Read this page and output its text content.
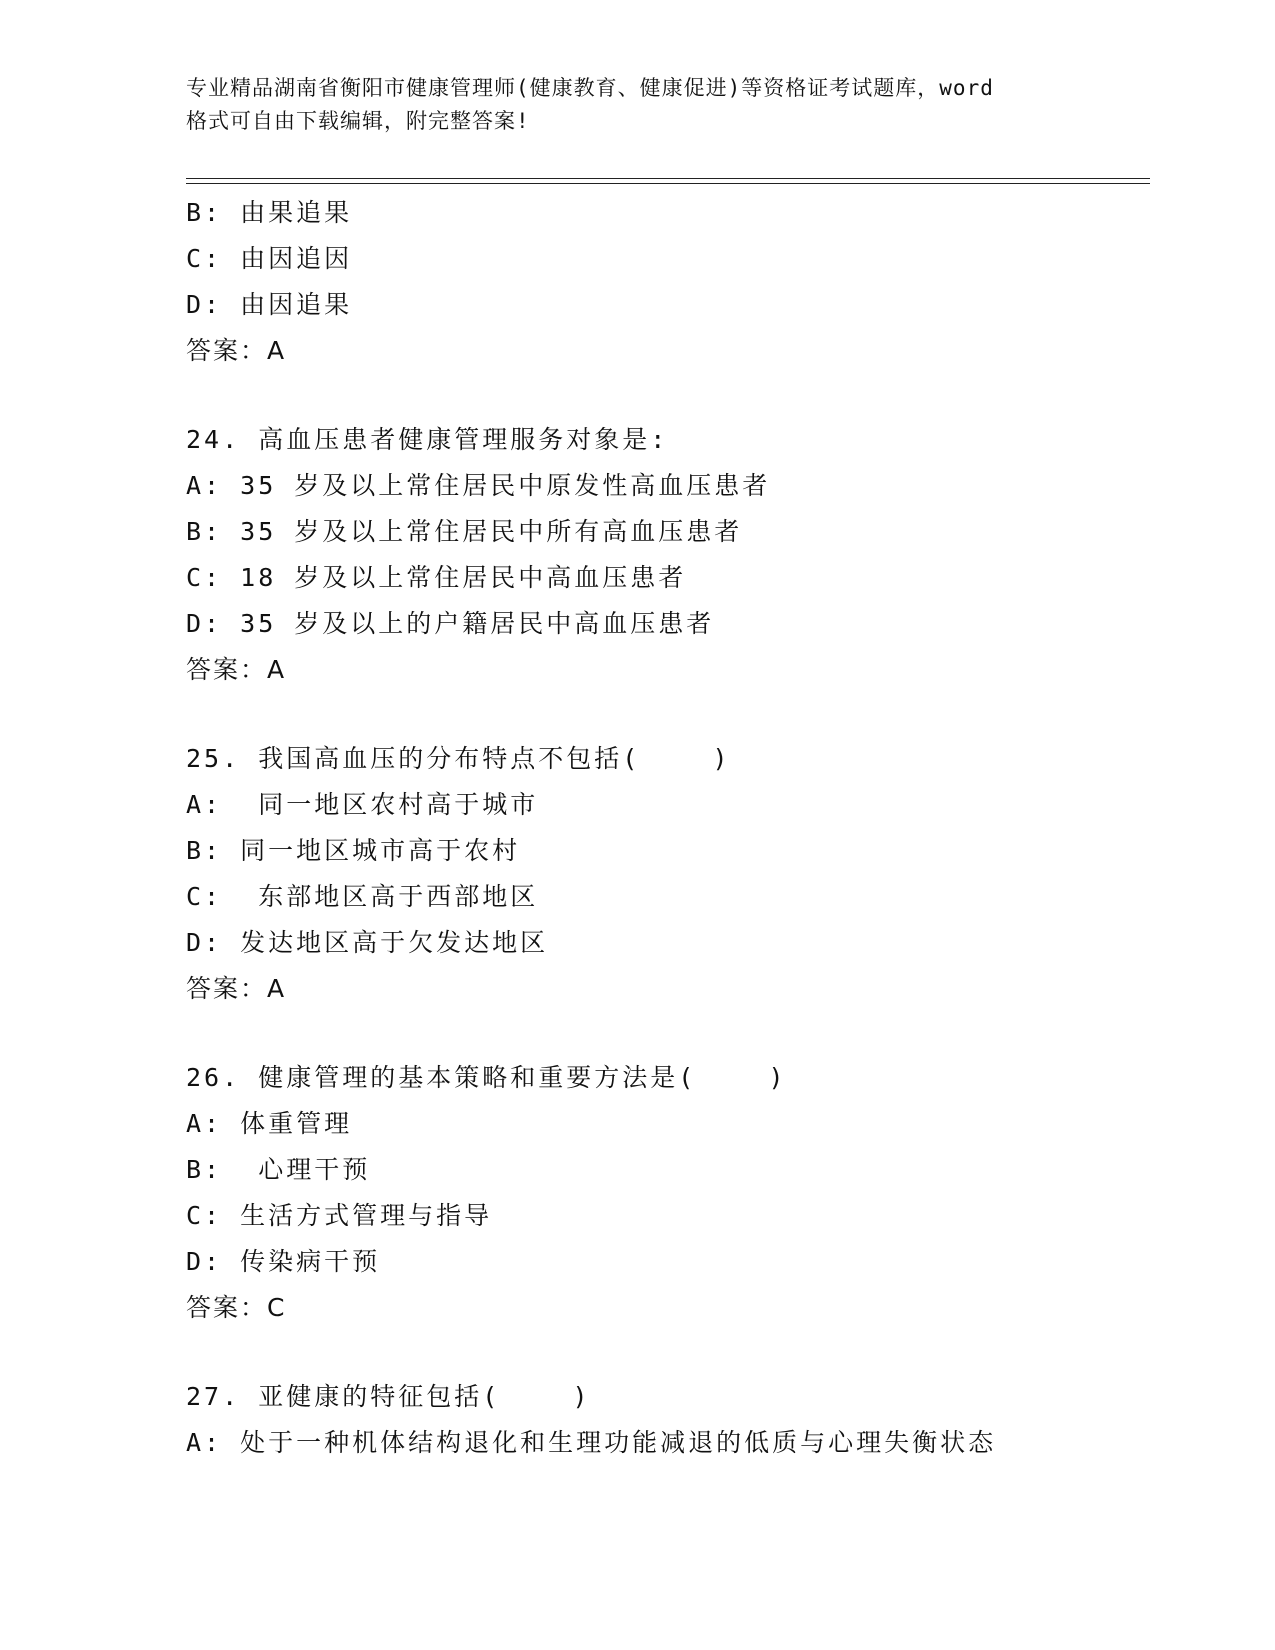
专业精品湖南省衡阳市健康管理师(健康教育、健康促进)等资格证考试题库，word
格式可自由下载编辑，附完整答案!
B: 由果追果
C: 由因追因
D: 由因追果
答案：A
24. 高血压患者健康管理服务对象是:
A: 35 岁及以上常住居民中原发性高血压患者
B: 35 岁及以上常住居民中所有高血压患者
C: 18 岁及以上常住居民中高血压患者
D: 35 岁及以上的户籍居民中高血压患者
答案：A
25. 我国高血压的分布特点不包括(    )
A:  同一地区农村高于城市
B: 同一地区城市高于农村
C:  东部地区高于西部地区
D: 发达地区高于欠发达地区
答案：A
26. 健康管理的基本策略和重要方法是(    )
A: 体重管理
B:  心理干预
C: 生活方式管理与指导
D: 传染病干预
答案：C
27. 亚健康的特征包括(    )
A: 处于一种机体结构退化和生理功能减退的低质与心理失衡状态
